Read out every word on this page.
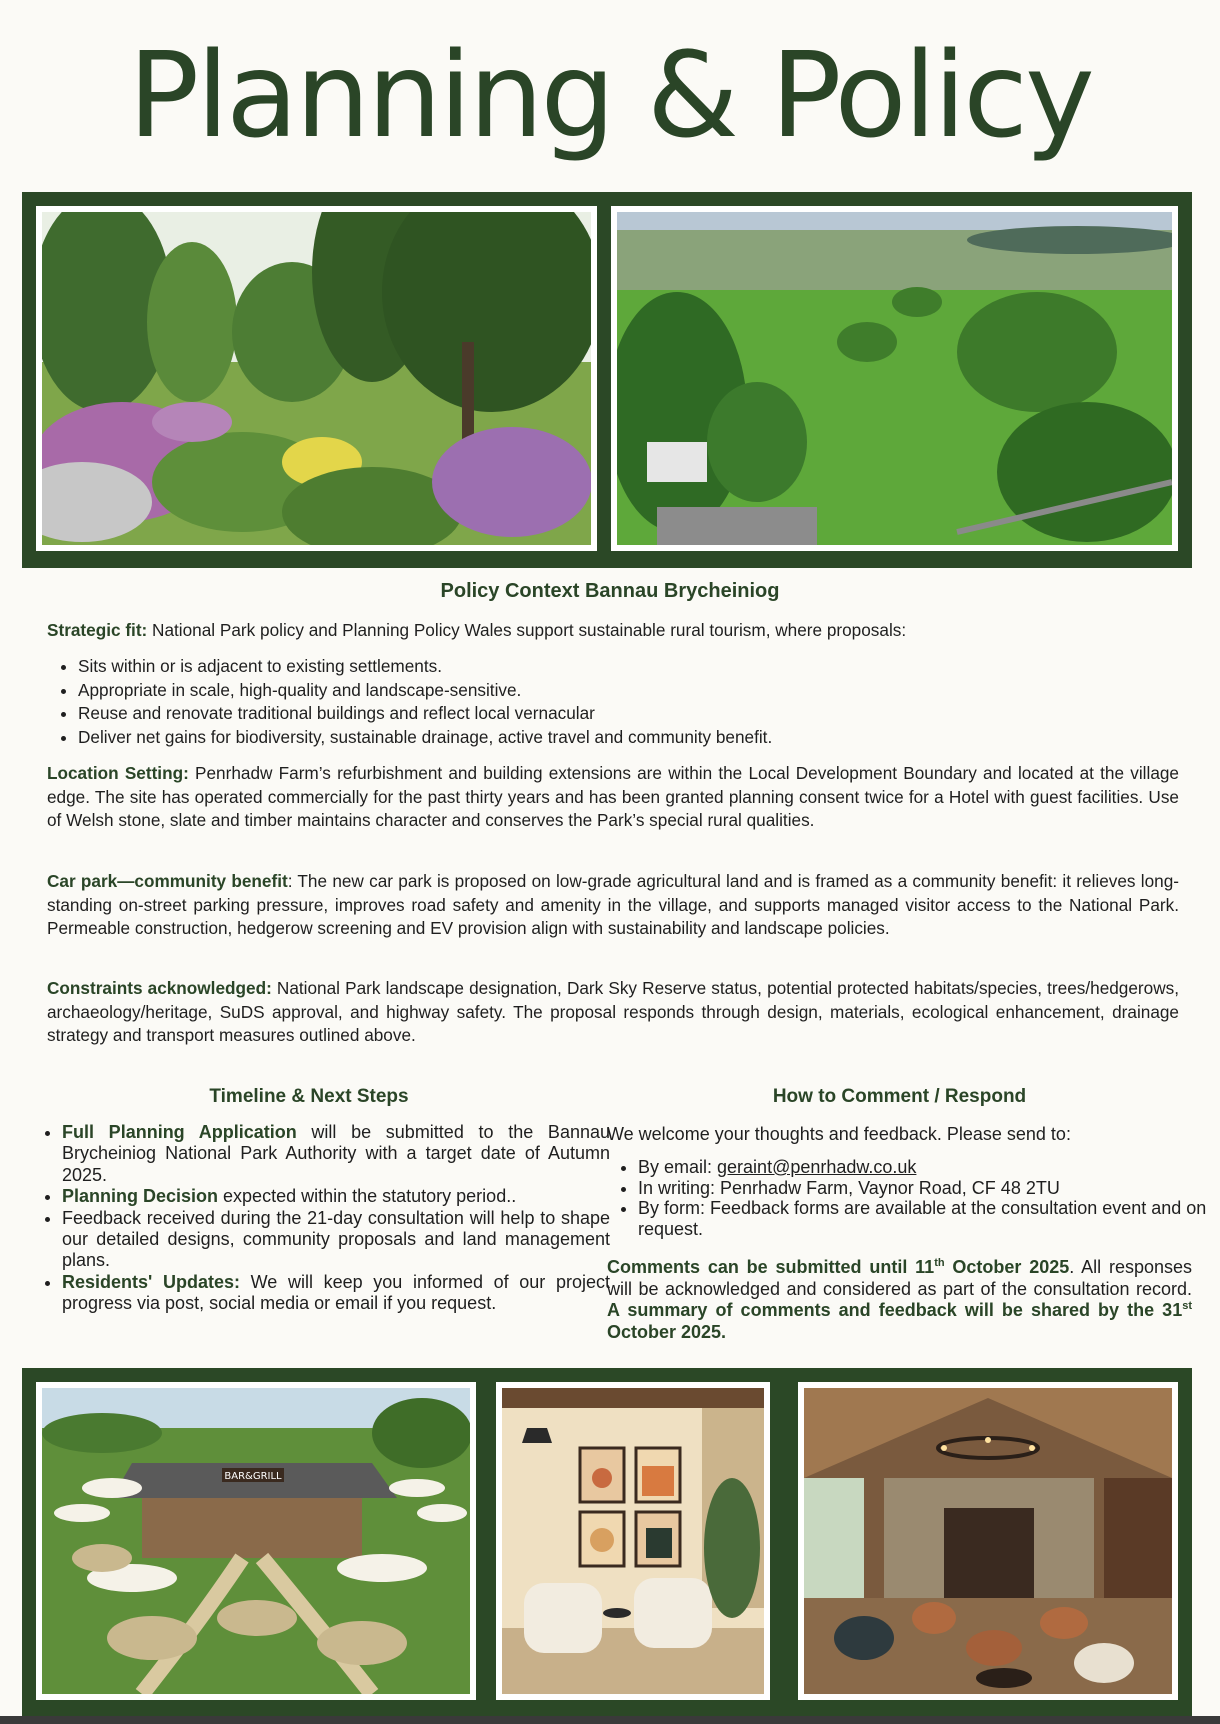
Planning & Policy
Policy Context Bannau Brycheiniog

Strategic fit: National Park policy and Planning Policy Wales support sustainable rural tourism, where proposals:

• Sits within or is adjacent to existing settlements.
• Appropriate in scale, high-quality and landscape-sensitive.
• Reuse and renovate traditional buildings and reflect local vernacular
• Deliver net gains for biodiversity, sustainable drainage, active travel and community benefit.

Location Setting: Penrhadw Farm’s refurbishment and building extensions are within the Local Development Boundary and located at the village edge. The site has operated commercially for the past thirty years and has been granted planning consent twice for a Hotel with guest facilities. Use of Welsh stone, slate and timber maintains character and conserves the Park’s special rural qualities.

Car park—community benefit: The new car park is proposed on low-grade agricultural land and is framed as a community benefit: it relieves long-standing on-street parking pressure, improves road safety and amenity in the village, and supports managed visitor access to the National Park. Permeable construction, hedgerow screening and EV provision align with sustainability and landscape policies.

Constraints acknowledged: National Park landscape designation, Dark Sky Reserve status, potential protected habitats/species, trees/hedgerows, archaeology/heritage, SuDS approval, and highway safety. The proposal responds through design, materials, ecological enhancement, drainage strategy and transport measures outlined above.

Timeline & Next Steps	How to Comment / Respond
• Full Planning Application will be submitted to the Bannau Brycheiniog National Park Authority with a target date of Autumn 2025.
• Planning Decision expected within the statutory period..
• Feedback received during the 21-day consultation will help to shape our detailed designs, community proposals and land management plans.
• Residents' Updates: We will keep you informed of our project progress via post, social media or email if you request.

We welcome your thoughts and feedback. Please send to:

• By email: geraint@penrhadw.co.uk
• In writing: Penrhadw Farm, Vaynor Road, CF 48 2TU
• By form: Feedback forms are available at the consultation event and on request.

Comments can be submitted until 11th October 2025. All responses will be acknowledged and considered as part of the consultation record. A summary of comments and feedback will be shared by the 31st October 2025.

BAR&GRILL
